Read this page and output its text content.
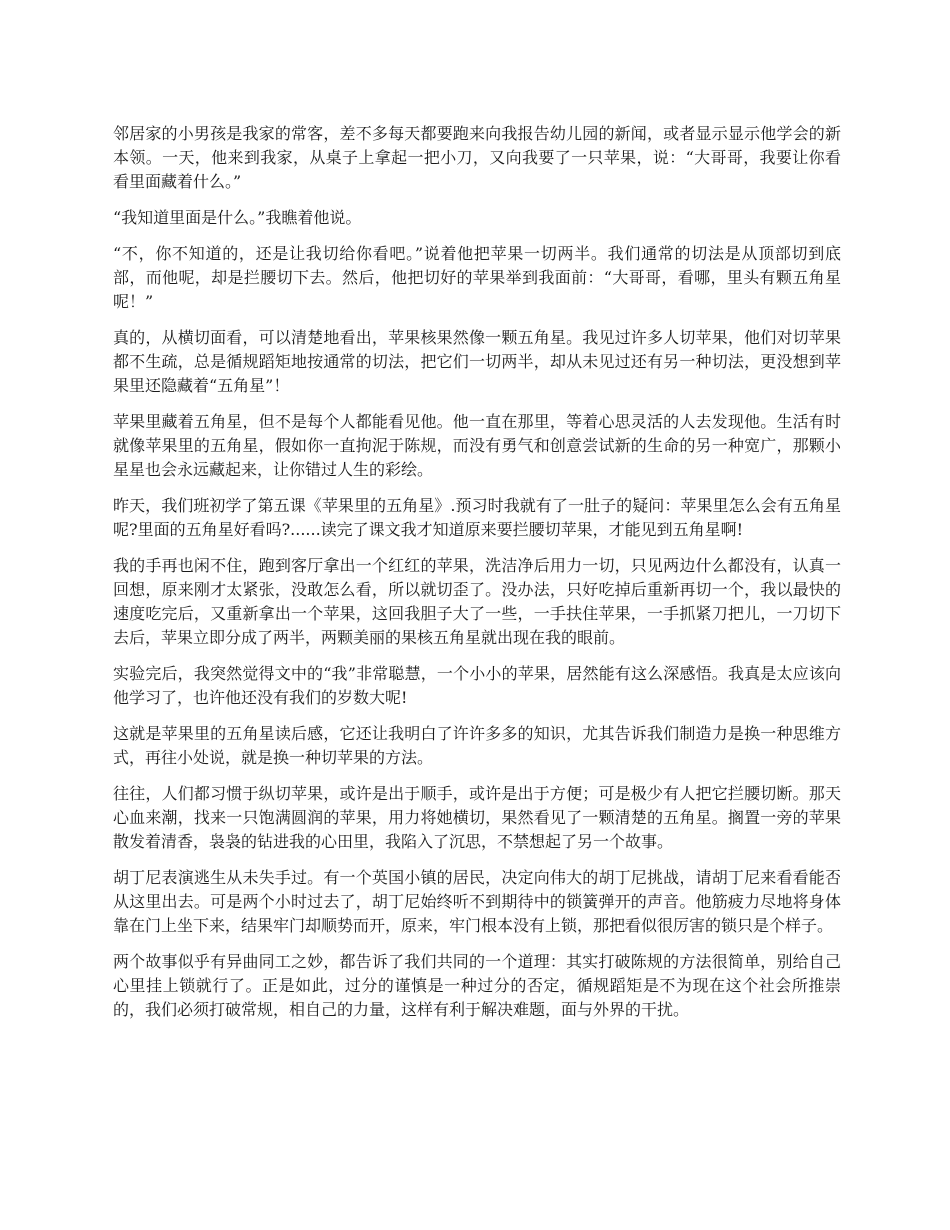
邻居家的小男孩是我家的常客，差不多每天都要跑来向我报告幼儿园的新闻，或者显示显示他学会的新本领。一天，他来到我家，从桌子上拿起一把小刀，又向我要了一只苹果，说：“大哥哥，我要让你看看里面藏着什么。”

“我知道里面是什么。”我瞧着他说。

“不，你不知道的，还是让我切给你看吧。”说着他把苹果一切两半。我们通常的切法是从顶部切到底部，而他呢，却是拦腰切下去。然后，他把切好的苹果举到我面前：“大哥哥，看哪，里头有颗五角星呢！”

真的，从横切面看，可以清楚地看出，苹果核果然像一颗五角星。我见过许多人切苹果，他们对切苹果都不生疏，总是循规蹈矩地按通常的切法，把它们一切两半，却从未见过还有另一种切法，更没想到苹果里还隐藏着“五角星”！

苹果里藏着五角星，但不是每个人都能看见他。他一直在那里，等着心思灵活的人去发现他。生活有时就像苹果里的五角星，假如你一直拘泥于陈规，而没有勇气和创意尝试新的生命的另一种宽广，那颗小星星也会永远藏起来，让你错过人生的彩绘。

昨天，我们班初学了第五课《苹果里的五角星》.预习时我就有了一肚子的疑问：苹果里怎么会有五角星呢?里面的五角星好看吗?......读完了课文我才知道原来要拦腰切苹果，才能见到五角星啊!

我的手再也闲不住，跑到客厅拿出一个红红的苹果，洗洁净后用力一切，只见两边什么都没有，认真一回想，原来刚才太紧张，没敢怎么看，所以就切歪了。没办法，只好吃掉后重新再切一个，我以最快的速度吃完后，又重新拿出一个苹果，这回我胆子大了一些，一手扶住苹果，一手抓紧刀把儿，一刀切下去后，苹果立即分成了两半，两颗美丽的果核五角星就出现在我的眼前。

实验完后，我突然觉得文中的“我”非常聪慧，一个小小的苹果，居然能有这么深感悟。我真是太应该向他学习了，也许他还没有我们的岁数大呢!

这就是苹果里的五角星读后感，它还让我明白了许许多多的知识，尤其告诉我们制造力是换一种思维方式，再往小处说，就是换一种切苹果的方法。

往往，人们都习惯于纵切苹果，或许是出于顺手，或许是出于方便；可是极少有人把它拦腰切断。那天心血来潮，找来一只饱满圆润的苹果，用力将她横切，果然看见了一颗清楚的五角星。搁置一旁的苹果散发着清香，袅袅的钻进我的心田里，我陷入了沉思，不禁想起了另一个故事。

胡丁尼表演逃生从未失手过。有一个英国小镇的居民，决定向伟大的胡丁尼挑战，请胡丁尼来看看能否从这里出去。可是两个小时过去了，胡丁尼始终听不到期待中的锁簧弹开的声音。他筋疲力尽地将身体靠在门上坐下来，结果牢门却顺势而开，原来，牢门根本没有上锁，那把看似很厉害的锁只是个样子。

两个故事似乎有异曲同工之妙，都告诉了我们共同的一个道理：其实打破陈规的方法很简单，别给自己心里挂上锁就行了。正是如此，过分的谨慎是一种过分的否定，循规蹈矩是不为现在这个社会所推崇的，我们必须打破常规，相自己的力量，这样有利于解决难题，面与外界的干扰。
